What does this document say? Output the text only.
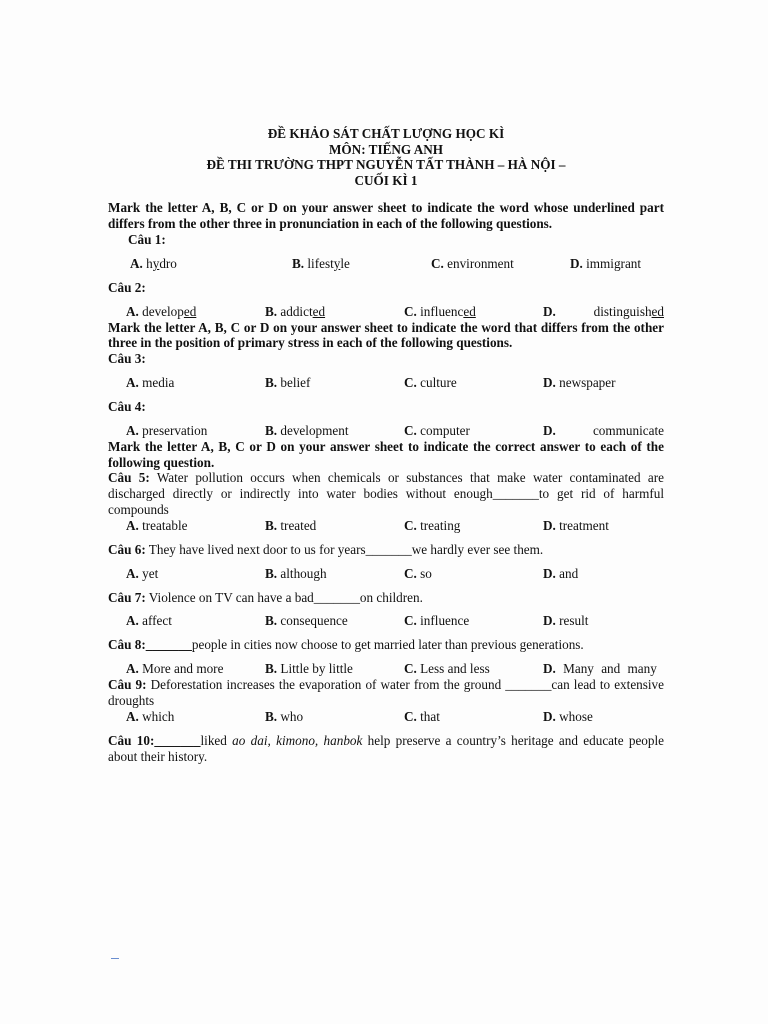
ĐỀ KHẢO SÁT CHẤT LƯỢNG HỌC KÌ
MÔN: TIẾNG ANH
ĐỀ THI TRƯỜNG THPT NGUYỄN TẤT THÀNH – HÀ NỘI –
CUỐI KÌ 1
Mark the letter A, B, C or D on your answer sheet to indicate the word whose underlined part differs from the other three in pronunciation in each of the following questions.
Câu 1:
A. hydro	B. lifestyle	C. environment	D. immigrant
Câu 2:
A. developed	B. addicted	C. influenced	D.	distinguished
Mark the letter A, B, C or D on your answer sheet to indicate the word that differs from the other three in the position of primary stress in each of the following questions.
Câu 3:
A. media	B. belief	C. culture	D. newspaper
Câu 4:
A. preservation	B. development	C. computer	D.	communicate
Mark the letter A, B, C or D on your answer sheet to indicate the correct answer to each of the following question.
Câu 5: Water pollution occurs when chemicals or substances that make water contaminated are discharged directly or indirectly into water bodies without enough_______to get rid of harmful compounds
A. treatable	B. treated	C. treating	D. treatment
Câu 6: They have lived next door to us for years_______we hardly ever see them.
A. yet	B. although	C. so	D. and
Câu 7: Violence on TV can have a bad_______on children.
A. affect	B. consequence	C. influence	D. result
Câu 8:_______people in cities now choose to get married later than previous generations.
A. More and more	B. Little by little	C. Less and less	D. Many and many
Câu 9: Deforestation increases the evaporation of water from the ground _______can lead to extensive droughts
A. which	B. who	C. that	D. whose
Câu 10:_______liked ao dai, kimono, hanbok help preserve a country’s heritage and educate people about their history.
